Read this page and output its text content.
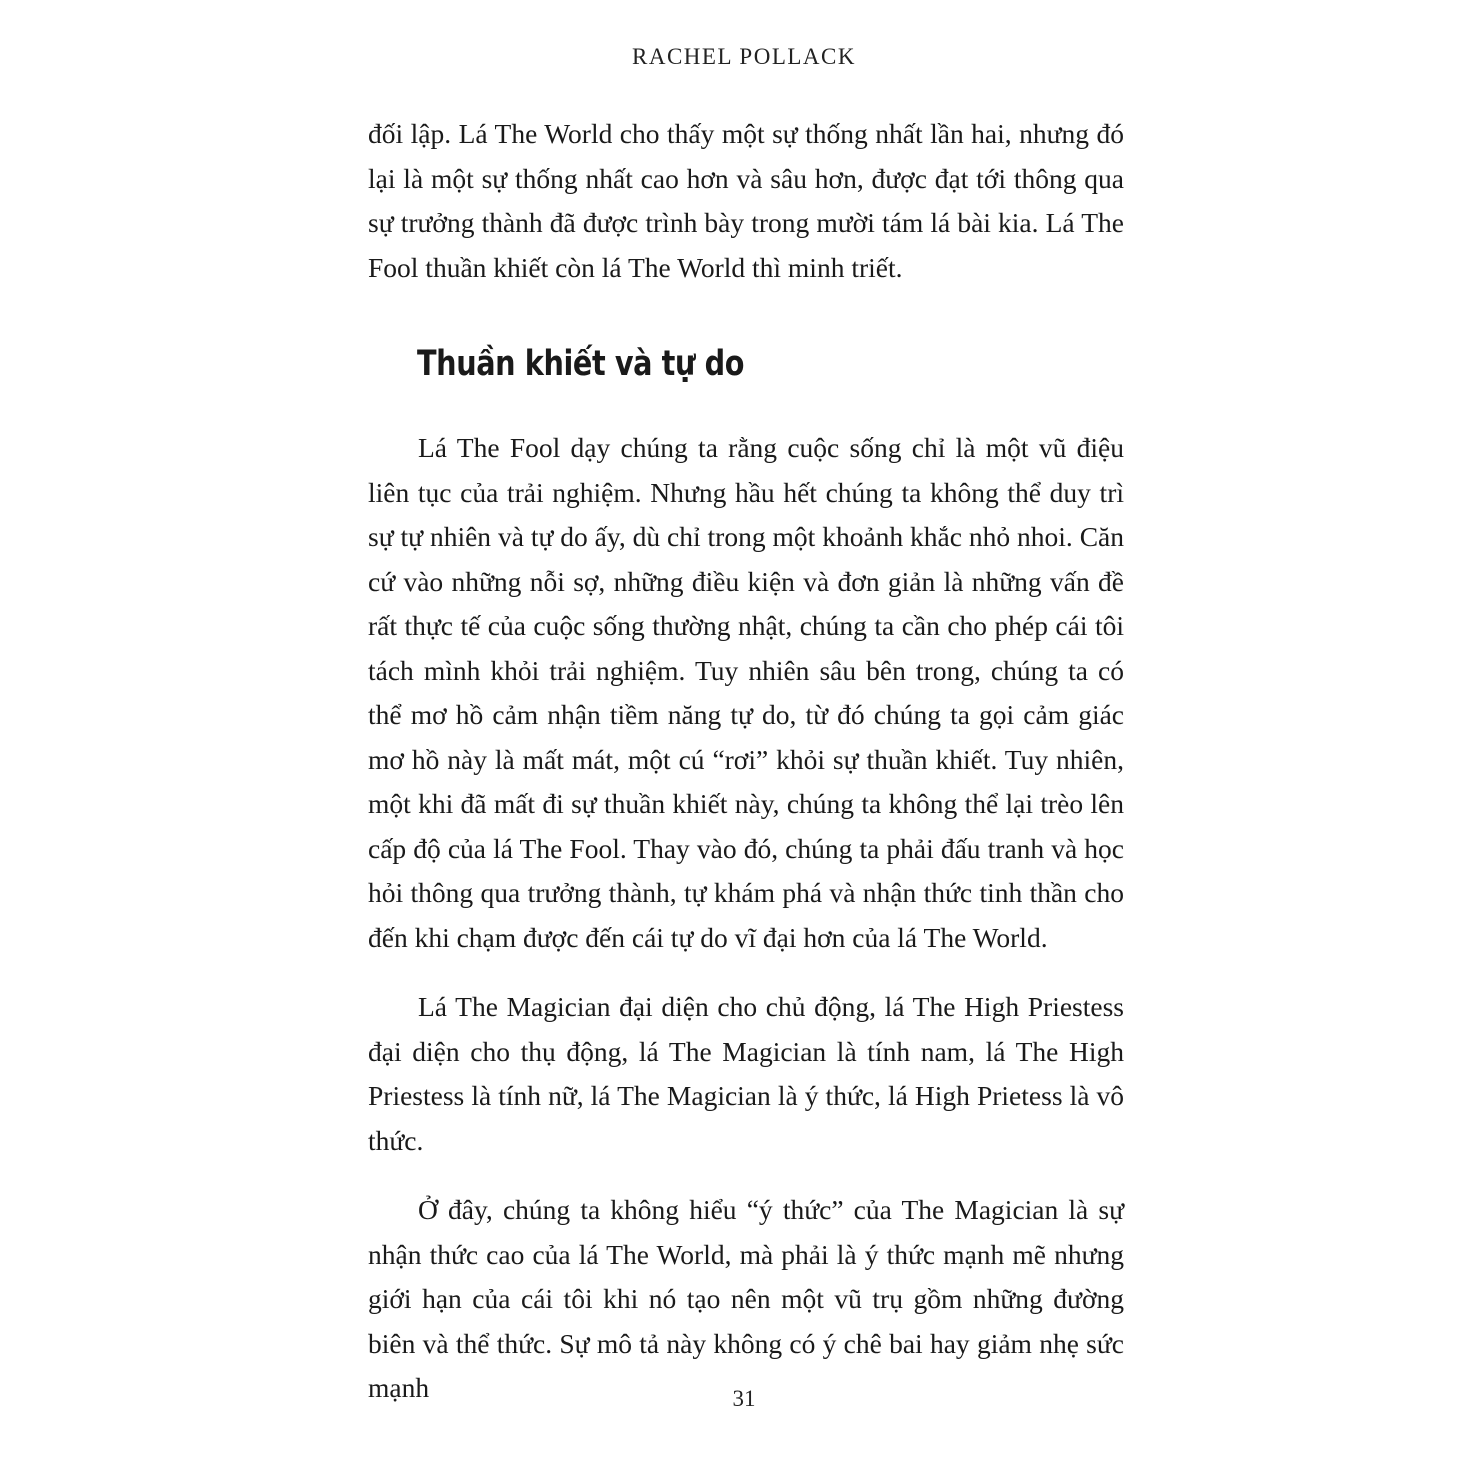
RACHEL POLLACK

đối lập. Lá The World cho thấy một sự thống nhất lần hai, nhưng đó lại là một sự thống nhất cao hơn và sâu hơn, được đạt tới thông qua sự trưởng thành đã được trình bày trong mười tám lá bài kia. Lá The Fool thuần khiết còn lá The World thì minh triết.

Thuần khiết và tự do

Lá The Fool dạy chúng ta rằng cuộc sống chỉ là một vũ điệu liên tục của trải nghiệm. Nhưng hầu hết chúng ta không thể duy trì sự tự nhiên và tự do ấy, dù chỉ trong một khoảnh khắc nhỏ nhoi. Căn cứ vào những nỗi sợ, những điều kiện và đơn giản là những vấn đề rất thực tế của cuộc sống thường nhật, chúng ta cần cho phép cái tôi tách mình khỏi trải nghiệm. Tuy nhiên sâu bên trong, chúng ta có thể mơ hồ cảm nhận tiềm năng tự do, từ đó chúng ta gọi cảm giác mơ hồ này là mất mát, một cú “rơi” khỏi sự thuần khiết. Tuy nhiên, một khi đã mất đi sự thuần khiết này, chúng ta không thể lại trèo lên cấp độ của lá The Fool. Thay vào đó, chúng ta phải đấu tranh và học hỏi thông qua trưởng thành, tự khám phá và nhận thức tinh thần cho đến khi chạm được đến cái tự do vĩ đại hơn của lá The World.

Lá The Magician đại diện cho chủ động, lá The High Priestess đại diện cho thụ động, lá The Magician là tính nam, lá The High Priestess là tính nữ, lá The Magician là ý thức, lá High Prietess là vô thức.

Ở đây, chúng ta không hiểu “ý thức” của The Magician là sự nhận thức cao của lá The World, mà phải là ý thức mạnh mẽ nhưng giới hạn của cái tôi khi nó tạo nên một vũ trụ gồm những đường biên và thể thức. Sự mô tả này không có ý chê bai hay giảm nhẹ sức mạnh	31
